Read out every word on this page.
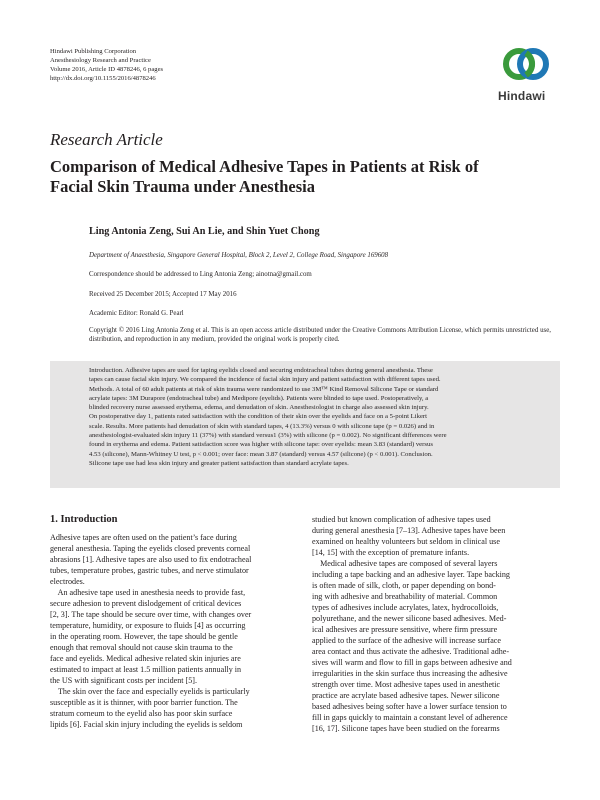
Hindawi Publishing Corporation
Anesthesiology Research and Practice
Volume 2016, Article ID 4878246, 6 pages
http://dx.doi.org/10.1155/2016/4878246
Hindawi
Research Article
Comparison of Medical Adhesive Tapes in Patients at Risk of
Facial Skin Trauma under Anesthesia
Ling Antonia Zeng, Sui An Lie, and Shin Yuet Chong
Department of Anaesthesia, Singapore General Hospital, Block 2, Level 2, College Road, Singapore 169608
Correspondence should be addressed to Ling Antonia Zeng; ainotna@gmail.com
Received 25 December 2015; Accepted 17 May 2016
Academic Editor: Ronald G. Pearl
Copyright © 2016 Ling Antonia Zeng et al. This is an open access article distributed under the Creative Commons Attribution License, which permits unrestricted use, distribution, and reproduction in any medium, provided the original work is properly cited.
Introduction. Adhesive tapes are used for taping eyelids closed and securing endotracheal tubes during general anesthesia. These
tapes can cause facial skin injury. We compared the incidence of facial skin injury and patient satisfaction with different tapes used.
Methods. A total of 60 adult patients at risk of skin trauma were randomized to use 3M™ Kind Removal Silicone Tape or standard
acrylate tapes: 3M Durapore (endotracheal tube) and Medipore (eyelids). Patients were blinded to tape used. Postoperatively, a
blinded recovery nurse assessed erythema, edema, and denudation of skin. Anesthesiologist in charge also assessed skin injury.
On postoperative day 1, patients rated satisfaction with the condition of their skin over the eyelids and face on a 5-point Likert
scale. Results. More patients had denudation of skin with standard tapes, 4 (13.3%) versus 0 with silicone tape (p = 0.026) and in
anesthesiologist-evaluated skin injury 11 (37%) with standard versus1 (3%) with silicone (p = 0.002). No significant differences were
found in erythema and edema. Patient satisfaction score was higher with silicone tape: over eyelids: mean 3.83 (standard) versus
4.53 (silicone), Mann-Whitney U test, p < 0.001; over face: mean 3.87 (standard) versus 4.57 (silicone) (p < 0.001). Conclusion.
Silicone tape use had less skin injury and greater patient satisfaction than standard acrylate tapes.
1. Introduction
Adhesive tapes are often used on the patient’s face during
general anesthesia. Taping the eyelids closed prevents corneal
abrasions [1]. Adhesive tapes are also used to fix endotracheal
tubes, temperature probes, gastric tubes, and nerve stimulator
electrodes.
An adhesive tape used in anesthesia needs to provide fast,
secure adhesion to prevent dislodgement of critical devices
[2, 3]. The tape should be secure over time, with changes over
temperature, humidity, or exposure to fluids [4] as occurring
in the operating room. However, the tape should be gentle
enough that removal should not cause skin trauma to the
face and eyelids. Medical adhesive related skin injuries are
estimated to impact at least 1.5 million patients annually in
the US with significant costs per incident [5].
The skin over the face and especially eyelids is particularly
susceptible as it is thinner, with poor barrier function. The
stratum corneum to the eyelid also has poor skin surface
lipids [6]. Facial skin injury including the eyelids is seldom
studied but known complication of adhesive tapes used
during general anesthesia [7–13]. Adhesive tapes have been
examined on healthy volunteers but seldom in clinical use
[14, 15] with the exception of premature infants.
Medical adhesive tapes are composed of several layers
including a tape backing and an adhesive layer. Tape backing
is often made of silk, cloth, or paper depending on bond-
ing with adhesive and breathability of material. Common
types of adhesives include acrylates, latex, hydrocolloids,
polyurethane, and the newer silicone based adhesives. Med-
ical adhesives are pressure sensitive, where firm pressure
applied to the surface of the adhesive will increase surface
area contact and thus activate the adhesive. Traditional adhe-
sives will warm and flow to fill in gaps between adhesive and
irregularities in the skin surface thus increasing the adhesive
strength over time. Most adhesive tapes used in anesthetic
practice are acrylate based adhesive tapes. Newer silicone
based adhesives being softer have a lower surface tension to
fill in gaps quickly to maintain a constant level of adherence
[16, 17]. Silicone tapes have been studied on the forearms
